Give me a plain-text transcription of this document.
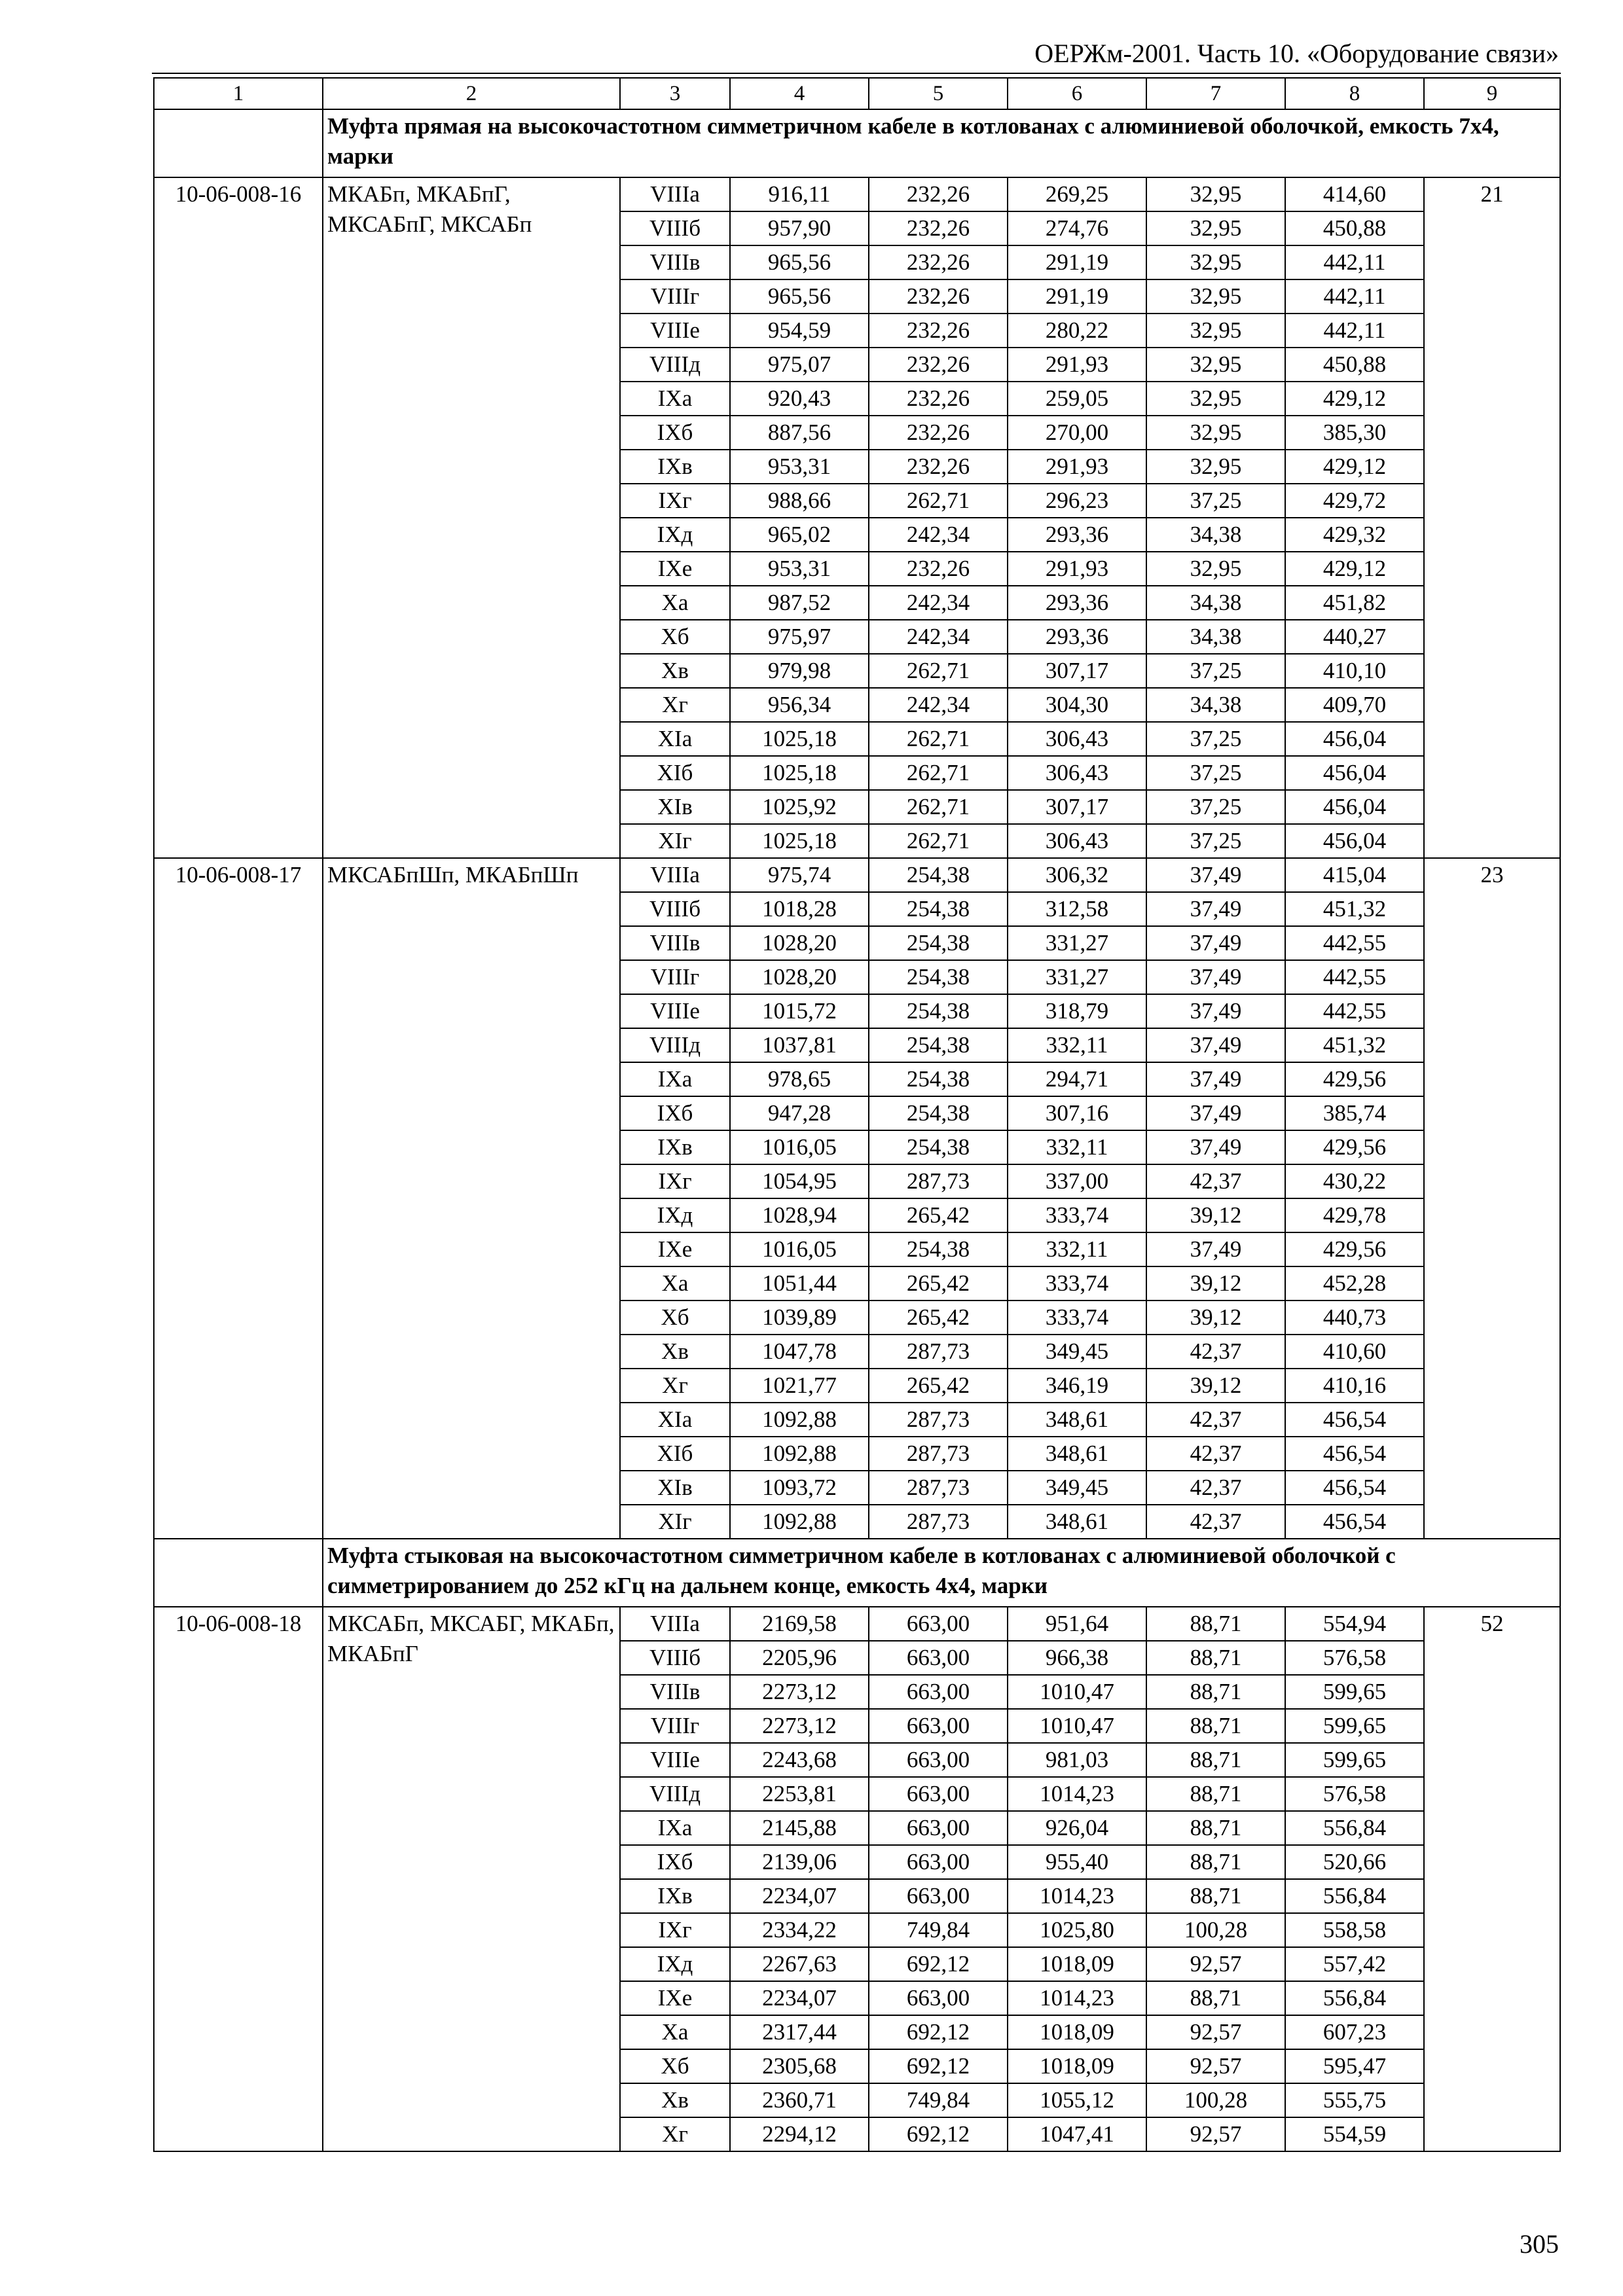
ОЕРЖм-2001. Часть 10. «Оборудование связи»
1	2	3	4	5	6	7	8	9
	Муфта прямая на высокочастотном симметричном кабеле в котлованах с алюминиевой оболочкой, емкость 7х4, марки							
10-06-008-16	МКАБп, МКАБпГ, МКСАБпГ, МКСАБп	VIIIа	916,11	232,26	269,25	32,95	414,60	21
		VIIIб	957,90	232,26	274,76	32,95	450,88	
		VIIIв	965,56	232,26	291,19	32,95	442,11	
		VIIIг	965,56	232,26	291,19	32,95	442,11	
		VIIIе	954,59	232,26	280,22	32,95	442,11	
		VIIIд	975,07	232,26	291,93	32,95	450,88	
		IXа	920,43	232,26	259,05	32,95	429,12	
		IXб	887,56	232,26	270,00	32,95	385,30	
		IXв	953,31	232,26	291,93	32,95	429,12	
		IXг	988,66	262,71	296,23	37,25	429,72	
		IXд	965,02	242,34	293,36	34,38	429,32	
		IXе	953,31	232,26	291,93	32,95	429,12	
		Xа	987,52	242,34	293,36	34,38	451,82	
		Xб	975,97	242,34	293,36	34,38	440,27	
		Xв	979,98	262,71	307,17	37,25	410,10	
		Xг	956,34	242,34	304,30	34,38	409,70	
		XIа	1025,18	262,71	306,43	37,25	456,04	
		XIб	1025,18	262,71	306,43	37,25	456,04	
		XIв	1025,92	262,71	307,17	37,25	456,04	
		XIг	1025,18	262,71	306,43	37,25	456,04	
10-06-008-17	МКСАБпШп, МКАБпШп	VIIIа	975,74	254,38	306,32	37,49	415,04	23
		VIIIб	1018,28	254,38	312,58	37,49	451,32	
		VIIIв	1028,20	254,38	331,27	37,49	442,55	
		VIIIг	1028,20	254,38	331,27	37,49	442,55	
		VIIIе	1015,72	254,38	318,79	37,49	442,55	
		VIIIд	1037,81	254,38	332,11	37,49	451,32	
		IXа	978,65	254,38	294,71	37,49	429,56	
		IXб	947,28	254,38	307,16	37,49	385,74	
		IXв	1016,05	254,38	332,11	37,49	429,56	
		IXг	1054,95	287,73	337,00	42,37	430,22	
		IXд	1028,94	265,42	333,74	39,12	429,78	
		IXе	1016,05	254,38	332,11	37,49	429,56	
		Xа	1051,44	265,42	333,74	39,12	452,28	
		Xб	1039,89	265,42	333,74	39,12	440,73	
		Xв	1047,78	287,73	349,45	42,37	410,60	
		Xг	1021,77	265,42	346,19	39,12	410,16	
		XIа	1092,88	287,73	348,61	42,37	456,54	
		XIб	1092,88	287,73	348,61	42,37	456,54	
		XIв	1093,72	287,73	349,45	42,37	456,54	
		XIг	1092,88	287,73	348,61	42,37	456,54	
	Муфта стыковая на высокочастотном симметричном кабеле в котлованах с алюминиевой оболочкой с симметрированием до 252 кГц на дальнем конце, емкость 4х4, марки							
10-06-008-18	МКСАБп, МКСАБГ, МКАБп, МКАБпГ	VIIIа	2169,58	663,00	951,64	88,71	554,94	52
		VIIIб	2205,96	663,00	966,38	88,71	576,58	
		VIIIв	2273,12	663,00	1010,47	88,71	599,65	
		VIIIг	2273,12	663,00	1010,47	88,71	599,65	
		VIIIе	2243,68	663,00	981,03	88,71	599,65	
		VIIIд	2253,81	663,00	1014,23	88,71	576,58	
		IXа	2145,88	663,00	926,04	88,71	556,84	
		IXб	2139,06	663,00	955,40	88,71	520,66	
		IXв	2234,07	663,00	1014,23	88,71	556,84	
		IXг	2334,22	749,84	1025,80	100,28	558,58	
		IXд	2267,63	692,12	1018,09	92,57	557,42	
		IXе	2234,07	663,00	1014,23	88,71	556,84	
		Xа	2317,44	692,12	1018,09	92,57	607,23	
		Xб	2305,68	692,12	1018,09	92,57	595,47	
		Xв	2360,71	749,84	1055,12	100,28	555,75	
		Xг	2294,12	692,12	1047,41	92,57	554,59	
305
